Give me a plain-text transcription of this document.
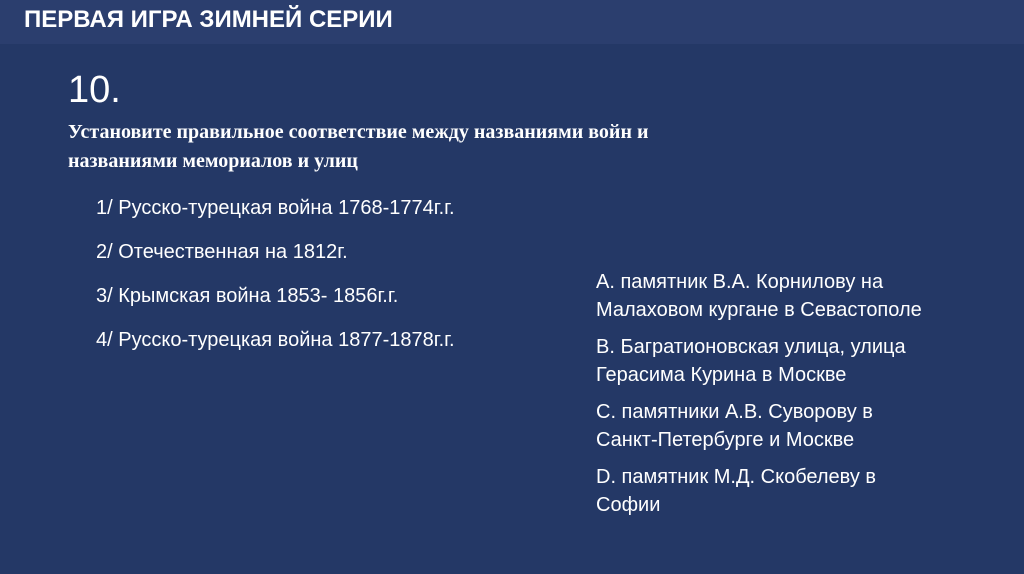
ПЕРВАЯ ИГРА ЗИМНЕЙ СЕРИИ
10.
Установите правильное соответствие между названиями войн и
названиями мемориалов и улиц
1/ Русско-турецкая война 1768-1774г.г.
2/ Отечественная на 1812г.
3/ Крымская война 1853- 1856г.г.
4/ Русско-турецкая война 1877-1878г.г.
A. памятник В.А. Корнилову на
Малаховом кургане в Севастополе
B. Багратионовская улица, улица
Герасима Курина в Москве
C. памятники А.В. Суворову в
Санкт-Петербурге и Москве
D. памятник М.Д. Скобелеву в
Софии
